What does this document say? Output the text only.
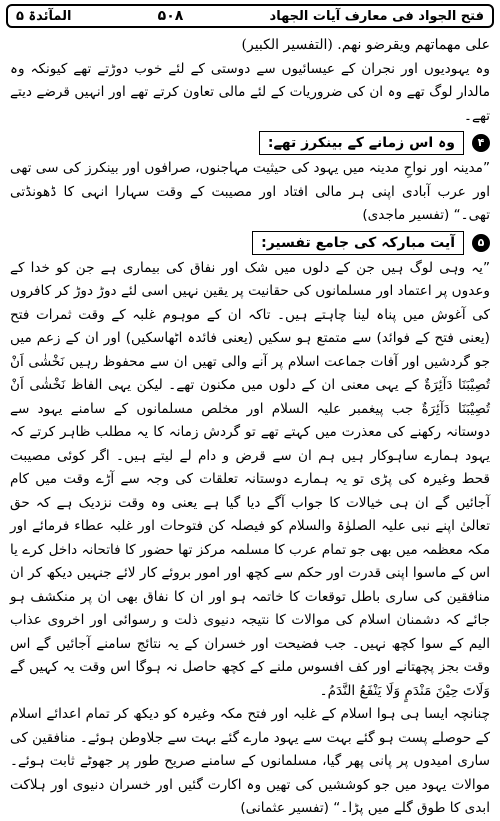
المآئدۃ ۵	۵۰۸	فتح الجواد فی معارف آیات الجهاد

على مهماتهم ويقرضو نهم. (التفسير الكبير)

وہ یہودیوں اور نجران کے عیسائیوں سے دوستی کے لئے خوب دوڑتے تھے کیونکہ وہ مالدار لوگ تھے وہ ان کی ضروریات کے لئے مالی تعاون کرتے تھے اور انہیں قرضے دیتے تھے۔

۴
وہ اس زمانے کے بینکرز تھے:

”مدینہ اور نواحِ مدینہ میں یہود کی حیثیت مہاجنوں، صرافوں اور بینکرز کی سی تھی اور عرب آبادی اپنی ہر مالی افتاد اور مصیبت کے وقت سہارا انہی کا ڈھونڈتی تھی۔“ (تفسیر ماجدی)

۵
آیت مبارکہ کی جامع تفسیر:

”یہ وہی لوگ ہیں جن کے دلوں میں شک اور نفاق کی بیماری ہے جن کو خدا کے وعدوں پر اعتماد اور مسلمانوں کی حقانیت پر یقین نہیں اسی لئے دوڑ دوڑ کر کافروں کی آغوش میں پناہ لینا چاہتے ہیں۔ تاکہ ان کے موہوم غلبہ کے وقت ثمرات فتح (یعنی فتح کے فوائد) سے متمتع ہو سکیں (یعنی فائدہ اٹھاسکیں) اور ان کے زعم میں جو گردشیں اور آفات جماعت اسلام پر آنے والی تھیں ان سے محفوظ رہیں نَخْشٰى اَنْ تُصِيْبَنَا دَآئِرَةٌ کے یہی معنی ان کے دلوں میں مکنون تھے۔ لیکن یہی الفاظ نَخْشٰى اَنْ تُصِيْبَنَا دَآئِرَةٌ جب پیغمبر علیہ السلام اور مخلص مسلمانوں کے سامنے یہود سے دوستانہ رکھنے کی معذرت میں کہتے تھے تو گردش زمانہ کا یہ مطلب ظاہر کرتے کہ یہود ہمارے ساہوکار ہیں ہم ان سے قرض و دام لے لیتے ہیں۔ اگر کوئی مصیبت قحط وغیرہ کی پڑی تو یہ ہمارے دوستانہ تعلقات کی وجہ سے آڑے وقت میں کام آجائیں گے ان ہی خیالات کا جواب آگے دیا گیا ہے یعنی وہ وقت نزدیک ہے کہ حق تعالیٰ اپنے نبی علیہ الصلوٰۃ والسلام کو فیصلہ کن فتوحات اور غلبہ عطاء فرمائے اور مکہ معظمہ میں بھی جو تمام عرب کا مسلمہ مرکز تھا حضور کا فاتحانہ داخل کرے یا اس کے ماسوا اپنی قدرت اور حکم سے کچھ اور امور بروئے کار لائے جنہیں دیکھ کر ان منافقین کی ساری باطل توقعات کا خاتمہ ہو اور ان کا نفاق بھی ان پر منکشف ہو جائے کہ دشمنان اسلام کی موالات کا نتیجہ دنیوی ذلت و رسوائی اور اخروی عذاب الیم کے سوا کچھ نہیں۔ جب فضیحت اور خسران کے یہ نتائج سامنے آجائیں گے اس وقت بجز پچھتانے اور کف افسوس ملنے کے کچھ حاصل نہ ہوگا اس وقت یہ کہیں گے وَلَاتَ حِيْنَ مَنْدَمٍ وَلَا يَنْفَعُ النَّدَمُ۔

چنانچہ ایسا ہی ہوا اسلام کے غلبہ اور فتح مکہ وغیرہ کو دیکھ کر تمام اعدائے اسلام کے حوصلے پست ہو گئے بہت سے یہود مارے گئے بہت سے جلاوطن ہوئے۔ منافقین کی ساری امیدوں پر پانی پھر گیا، مسلمانوں کے سامنے صریح طور پر جھوٹے ثابت ہوئے۔ موالات یہود میں جو کوششیں کی تھیں وہ اکارت گئیں اور خسران دنیوی اور ہلاکت ابدی کا طوق گلے میں پڑا۔“ (تفسیر عثمانی)
